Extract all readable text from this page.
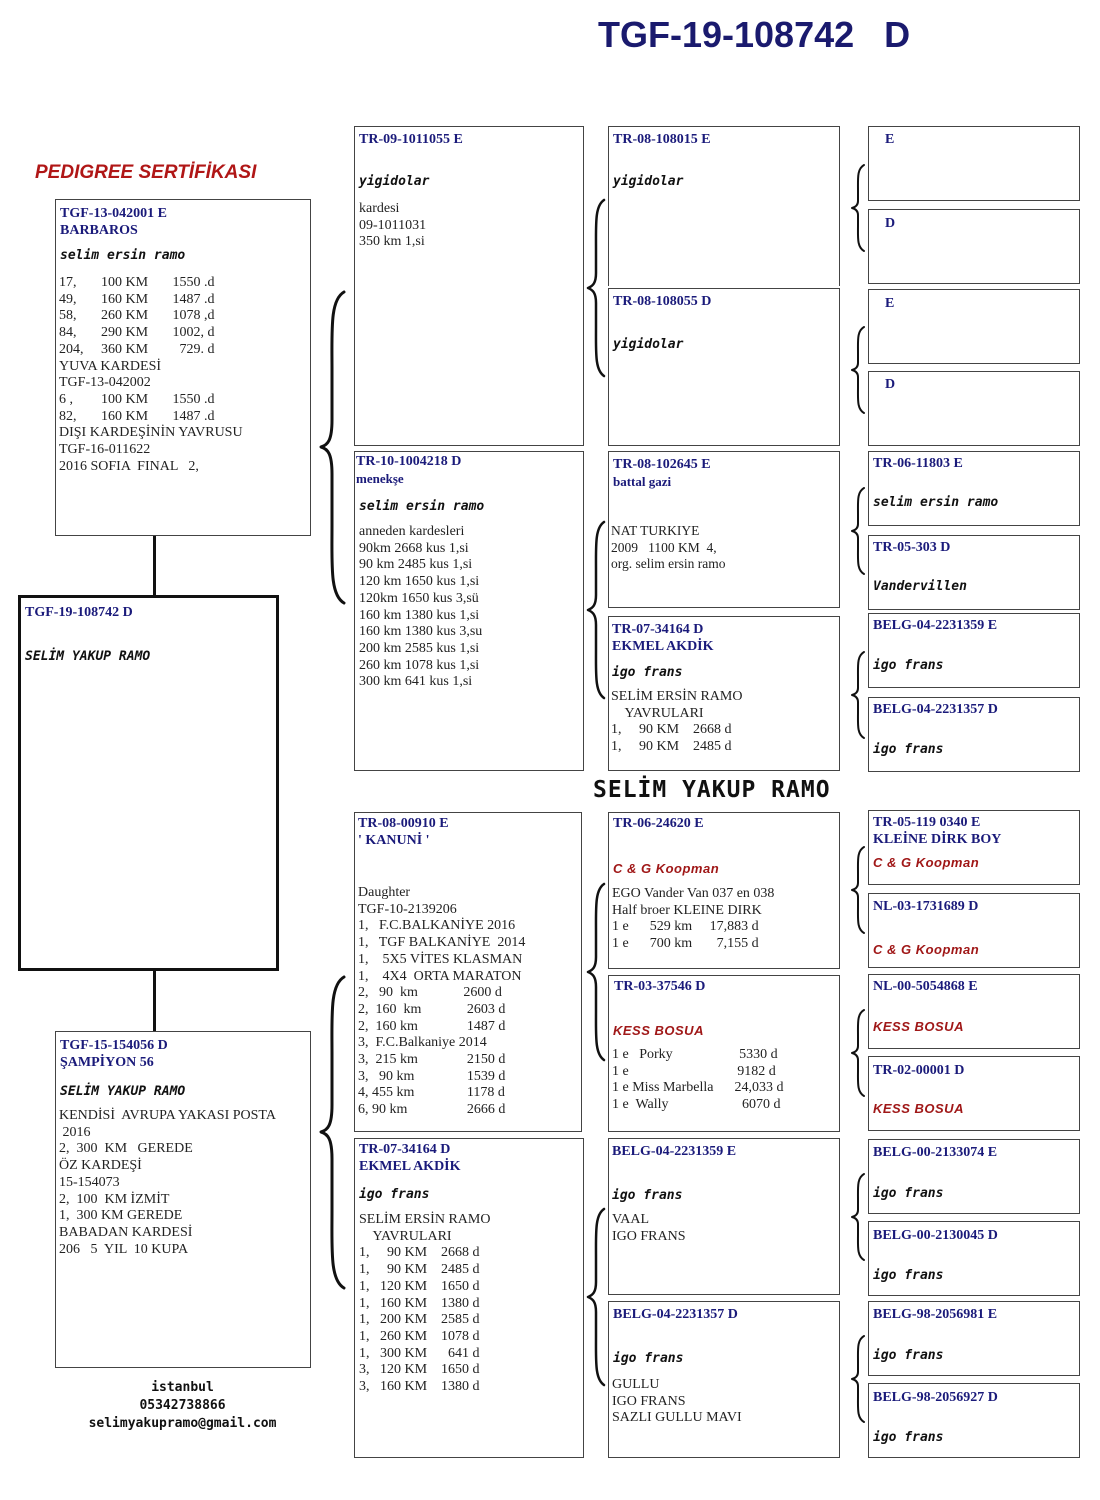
TGF-19-108742   D
PEDIGREE SERTİFİKASI
SELİM YAKUP RAMO
TGF-19-108742 D
SELİM YAKUP RAMO
TGF-13-042001 E
BARBAROS
selim ersin ramo
17,       100 KM       1550 .d
49,       160 KM       1487 .d
58,       260 KM       1078 ,d
84,       290 KM       1002, d
204,     360 KM         729. d
YUVA KARDESİ
TGF-13-042002
6 ,        100 KM       1550 .d
82,       160 KM       1487 .d
DIŞI KARDEŞİNİN YAVRUSU
TGF-16-011622
2016 SOFIA  FINAL   2,
TGF-15-154056 D
ŞAMPİYON 56
SELİM YAKUP RAMO
KENDİSİ  AVRUPA YAKASI POSTA
2016
2,  300  KM   GEREDE
ÖZ KARDEŞİ
15-154073
2,  100  KM İZMİT
1,  300 KM GEREDE
BABADAN KARDESİ
206   5  YIL  10 KUPA
istanbul
05342738866
selimyakupramo@gmail.com
TR-09-1011055 E
yigidolar
kardesi
09-1011031
350 km 1,si
TR-10-1004218 D
menekşe
selim ersin ramo
anneden kardesleri
90km 2668 kus 1,si
90 km 2485 kus 1,si
120 km 1650 kus 1,si
120km 1650 kus 3,sü
160 km 1380 kus 1,si
160 km 1380 kus 3,su
200 km 2585 kus 1,si
260 km 1078 kus 1,si
300 km 641 kus 1,si
TR-08-00910 E
' KANUNİ '
Daughter
TGF-10-2139206
1,   F.C.BALKANİYE 2016
1,   TGF BALKANİYE  2014
1,    5X5 VİTES KLASMAN
1,    4X4  ORTA MARATON
2,   90  km             2600 d
2,  160  km             2603 d
2,  160 km              1487 d
3,  F.C.Balkaniye 2014
3,  215 km              2150 d
3,   90 km               1539 d
4, 455 km               1178 d
6, 90 km                 2666 d
TR-07-34164 D
EKMEL AKDİK
igo frans
SELİM ERSİN RAMO
YAVRULARI
1,     90 KM    2668 d
1,     90 KM    2485 d
1,   120 KM    1650 d
1,   160 KM    1380 d
1,   200 KM    2585 d
1,   260 KM    1078 d
1,   300 KM      641 d
3,   120 KM    1650 d
3,   160 KM    1380 d
TR-08-108015 E
yigidolar
TR-08-108055 D
yigidolar
TR-08-102645 E
battal gazi
NAT TURKIYE
2009   1100 KM  4,
org. selim ersin ramo
TR-07-34164 D
EKMEL AKDİK
igo frans
SELİM ERSİN RAMO
YAVRULARI
1,     90 KM    2668 d
1,     90 KM    2485 d
TR-06-24620 E
C & G Koopman
EGO Vander Van 037 en 038
Half broer KLEINE DIRK
1 e      529 km     17,883 d
1 e      700 km       7,155 d
TR-03-37546 D
KESS BOSUA
1 e   Porky                   5330 d
1 e                               9182 d
1 e Miss Marbella      24,033 d
1 e  Wally                     6070 d
BELG-04-2231359 E
igo frans
VAAL
IGO FRANS
BELG-04-2231357 D
igo frans
GULLU
IGO FRANS
SAZLI GULLU MAVI
E
D
E
D
TR-06-11803 E
selim ersin ramo
TR-05-303 D
Vandervillen
BELG-04-2231359 E
igo frans
BELG-04-2231357 D
igo frans
TR-05-119 0340 E
KLEİNE DİRK BOY
C & G Koopman
NL-03-1731689 D
C & G Koopman
NL-00-5054868 E
KESS BOSUA
TR-02-00001 D
KESS BOSUA
BELG-00-2133074 E
igo frans
BELG-00-2130045 D
igo frans
BELG-98-2056981 E
igo frans
BELG-98-2056927 D
igo frans
